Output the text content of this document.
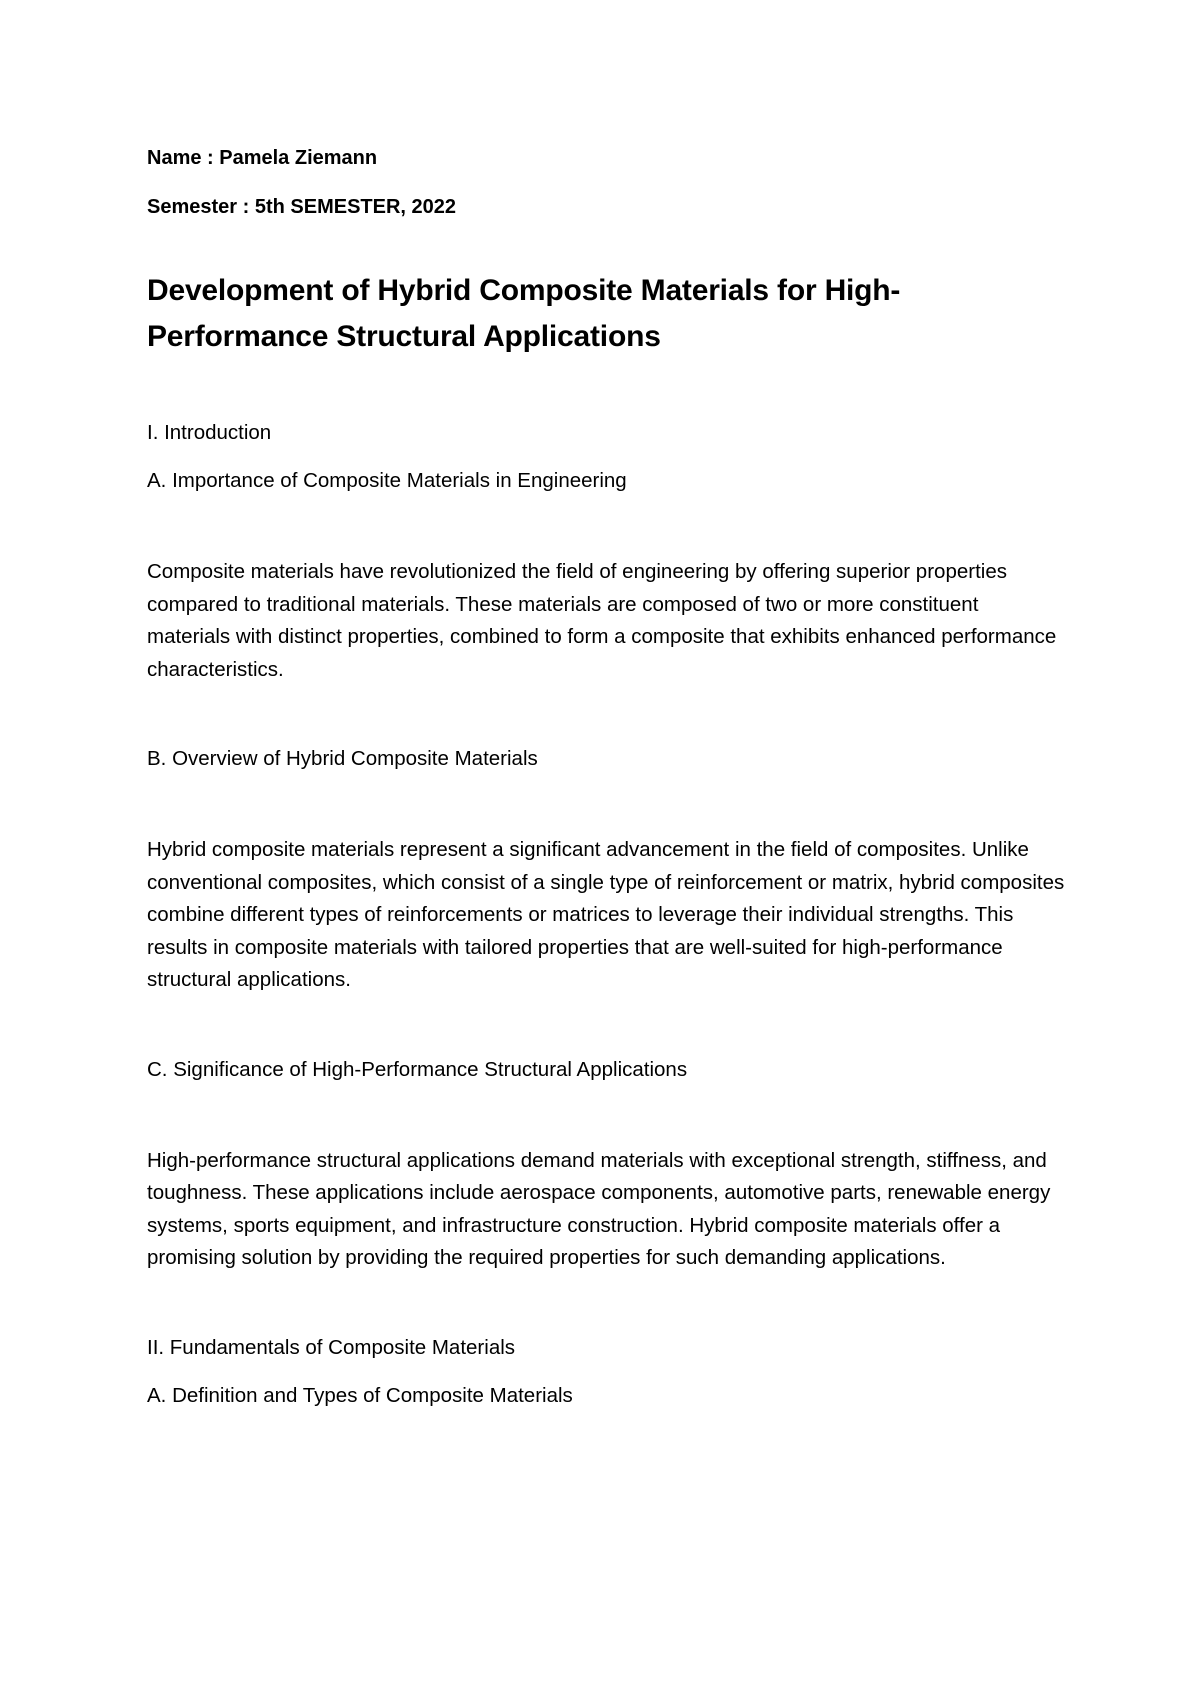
Name : Pamela Ziemann

Semester : 5th SEMESTER, 2022

Development of Hybrid Composite Materials for High-Performance Structural Applications

I. Introduction

A. Importance of Composite Materials in Engineering

Composite materials have revolutionized the field of engineering by offering superior properties compared to traditional materials. These materials are composed of two or more constituent materials with distinct properties, combined to form a composite that exhibits enhanced performance characteristics.

B. Overview of Hybrid Composite Materials

Hybrid composite materials represent a significant advancement in the field of composites. Unlike conventional composites, which consist of a single type of reinforcement or matrix, hybrid composites combine different types of reinforcements or matrices to leverage their individual strengths. This results in composite materials with tailored properties that are well-suited for high-performance structural applications.

C. Significance of High-Performance Structural Applications

High-performance structural applications demand materials with exceptional strength, stiffness, and toughness. These applications include aerospace components, automotive parts, renewable energy systems, sports equipment, and infrastructure construction. Hybrid composite materials offer a promising solution by providing the required properties for such demanding applications.

II. Fundamentals of Composite Materials

A. Definition and Types of Composite Materials
